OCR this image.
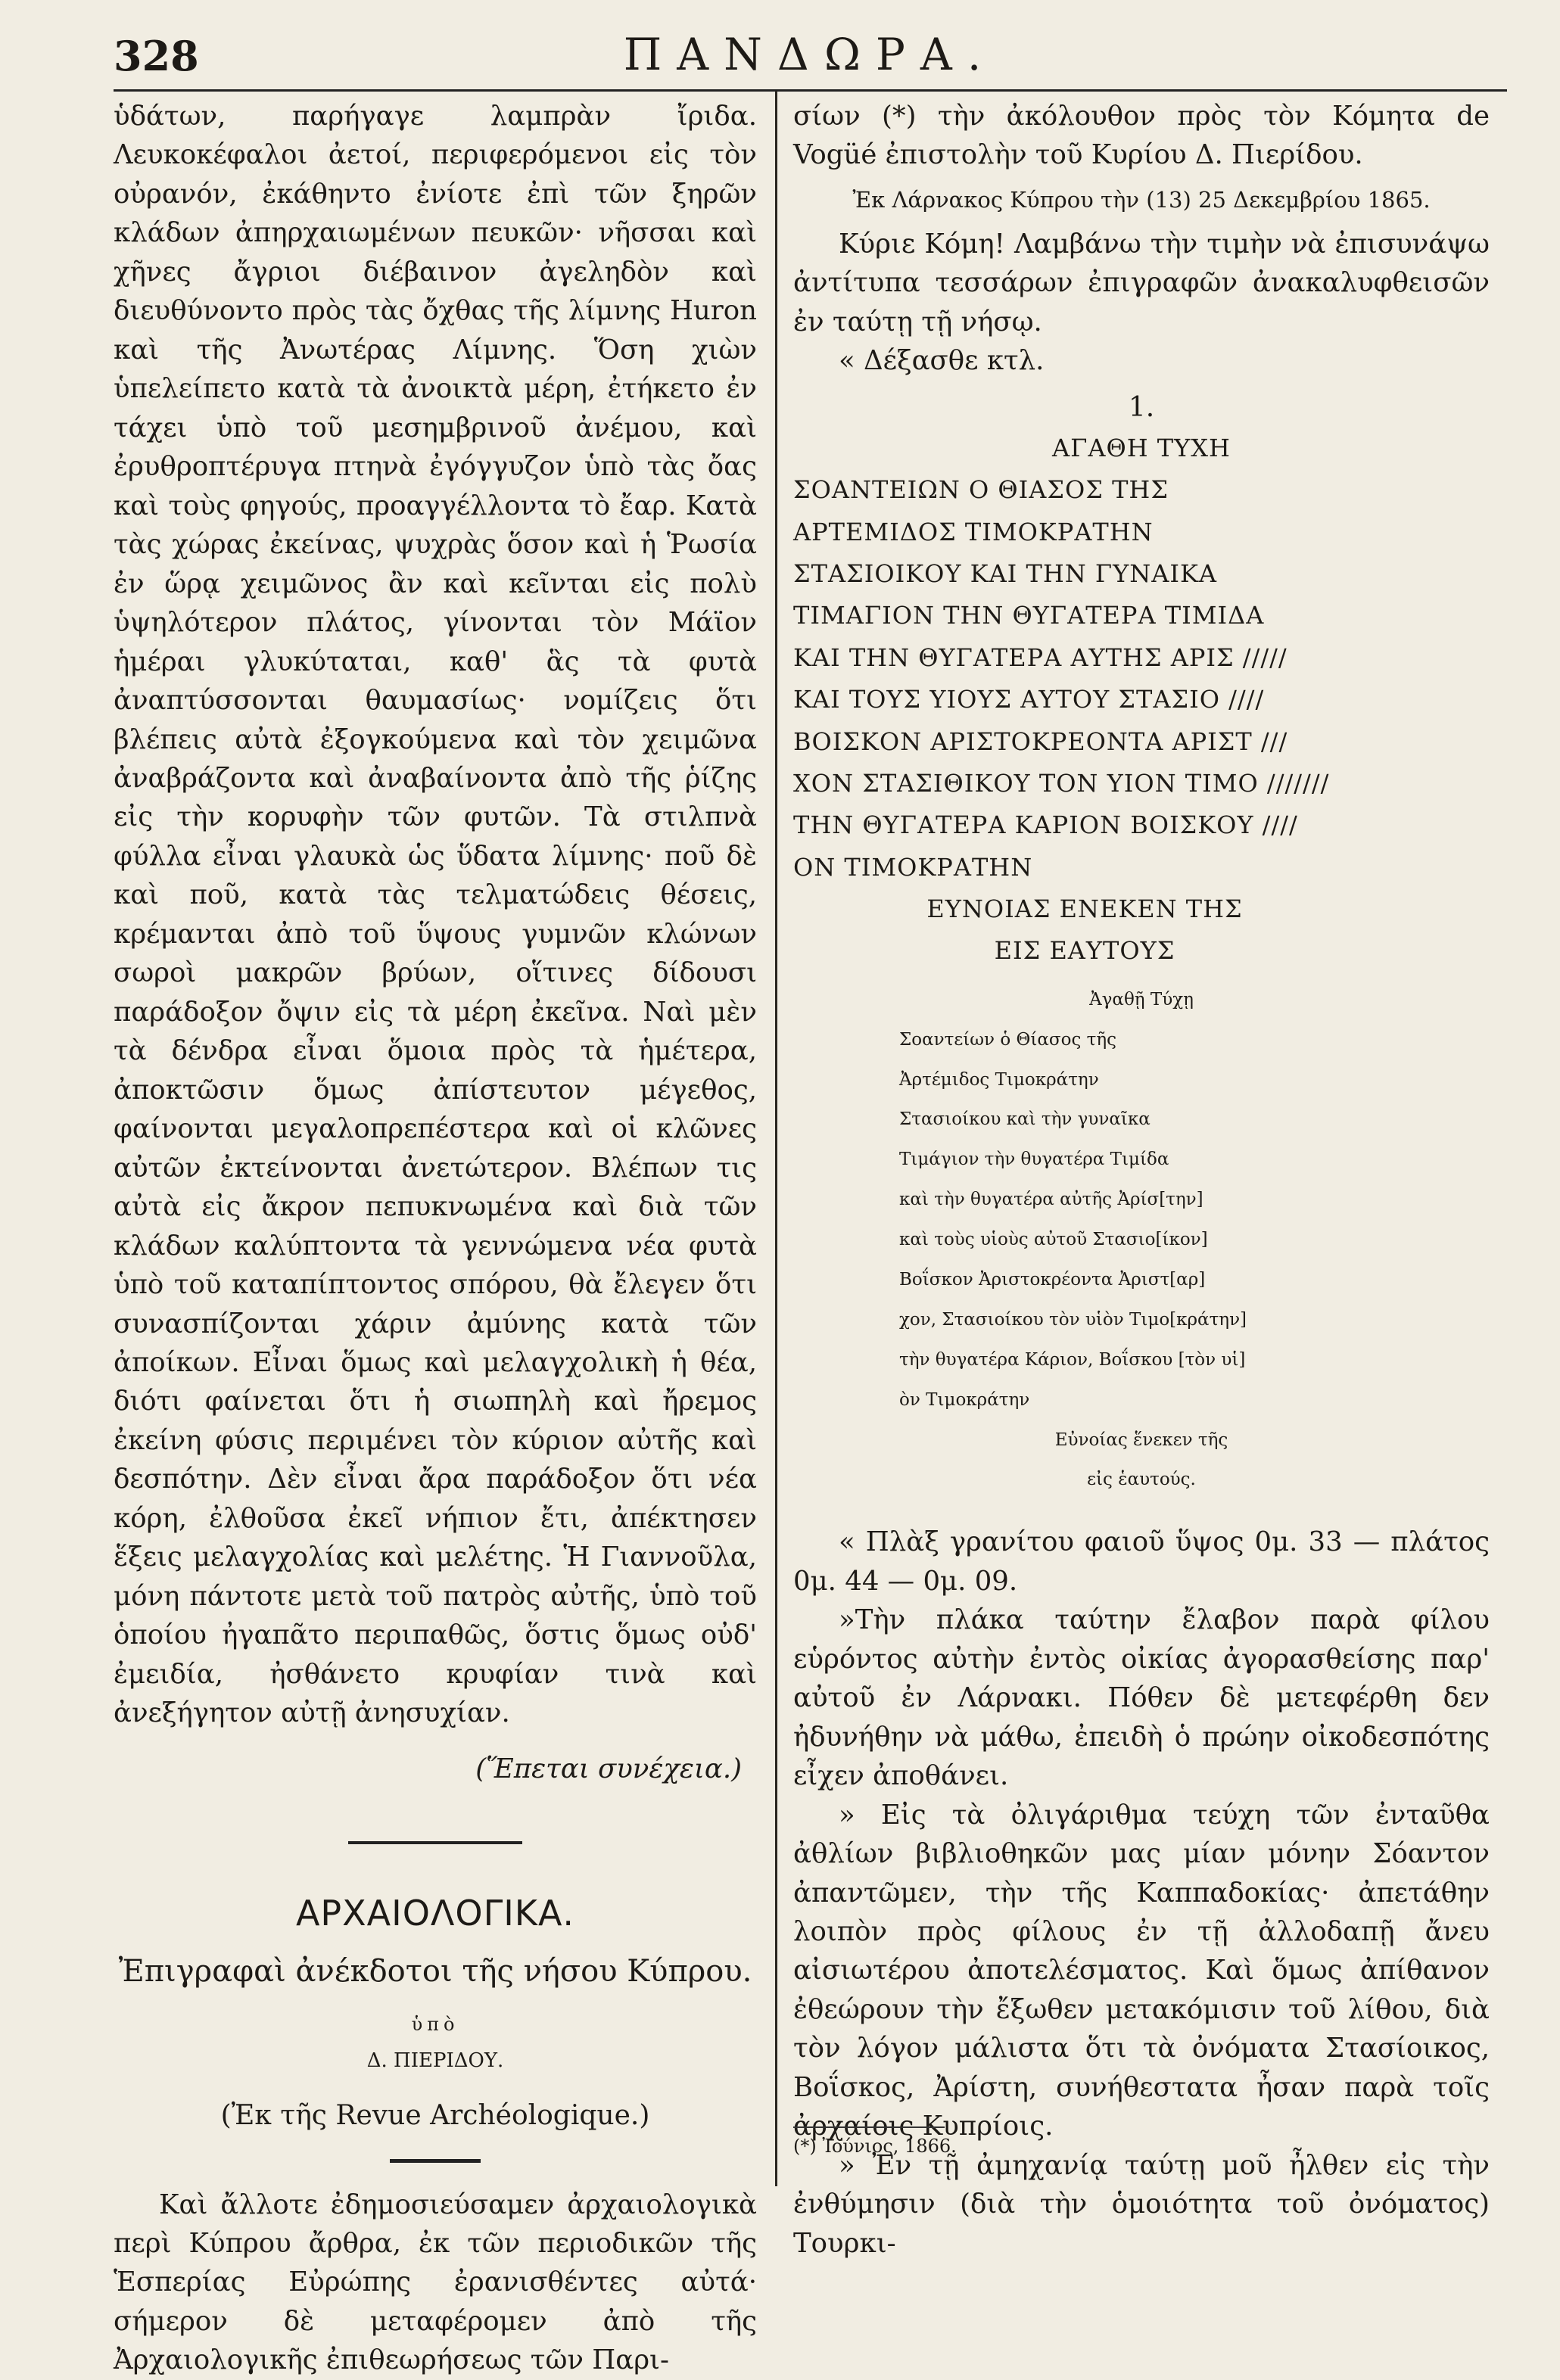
328	ΠΑΝΔΩΡΑ.

ὑδάτων, παρήγαγε λαμπρὰν ἴριδα. Λευκοκέφαλοι ἀετοί, περιφερόμενοι εἰς τὸν οὐρανόν, ἐκάθηντο ἐνίοτε ἐπὶ τῶν ξηρῶν κλάδων ἀπηρχαιωμένων πευκῶν· νῆσσαι καὶ χῆνες ἄγριοι διέβαινον ἀγεληδὸν καὶ διευθύνοντο πρὸς τὰς ὄχθας τῆς λίμνης Huron καὶ τῆς Ἀνωτέρας Λίμνης. Ὅση χιὼν ὑπελείπετο κατὰ τὰ ἀνοικτὰ μέρη, ἐτήκετο ἐν τάχει ὑπὸ τοῦ μεσημβρινοῦ ἀνέμου, καὶ ἐρυθροπτέρυγα πτηνὰ ἐγόγγυζον ὑπὸ τὰς ὄας καὶ τοὺς φηγούς, προαγγέλλοντα τὸ ἔαρ. Κατὰ τὰς χώρας ἐκείνας, ψυχρὰς ὅσον καὶ ἡ Ῥωσία ἐν ὥρᾳ χειμῶνος ἂν καὶ κεῖνται εἰς πολὺ ὑψηλότερον πλάτος, γίνονται τὸν Μάϊον ἡμέραι γλυκύταται, καθ' ἃς τὰ φυτὰ ἀναπτύσσονται θαυμασίως· νομίζεις ὅτι βλέπεις αὐτὰ ἐξογκούμενα καὶ τὸν χειμῶνα ἀναβράζοντα καὶ ἀναβαίνοντα ἀπὸ τῆς ῥίζης εἰς τὴν κορυφὴν τῶν φυτῶν. Τὰ στιλπνὰ φύλλα εἶναι γλαυκὰ ὡς ὕδατα λίμνης· ποῦ δὲ καὶ ποῦ, κατὰ τὰς τελματώδεις θέσεις, κρέμανται ἀπὸ τοῦ ὕψους γυμνῶν κλώνων σωροὶ μακρῶν βρύων, οἵτινες δίδουσι παράδοξον ὄψιν εἰς τὰ μέρη ἐκεῖνα. Ναὶ μὲν τὰ δένδρα εἶναι ὅμοια πρὸς τὰ ἡμέτερα, ἀποκτῶσιν ὅμως ἀπίστευτον μέγεθος, φαίνονται μεγαλοπρεπέστερα καὶ οἱ κλῶνες αὐτῶν ἐκτείνονται ἀνετώτερον. Βλέπων τις αὐτὰ εἰς ἄκρον πεπυκνωμένα καὶ διὰ τῶν κλάδων καλύπτοντα τὰ γεννώμενα νέα φυτὰ ὑπὸ τοῦ καταπίπτοντος σπόρου, θὰ ἔλεγεν ὅτι συνασπίζονται χάριν ἀμύνης κατὰ τῶν ἀποίκων. Εἶναι ὅμως καὶ μελαγχολικὴ ἡ θέα, διότι φαίνεται ὅτι ἡ σιωπηλὴ καὶ ἤρεμος ἐκείνη φύσις περιμένει τὸν κύριον αὐτῆς καὶ δεσπότην. Δὲν εἶναι ἄρα παράδοξον ὅτι νέα κόρη, ἐλθοῦσα ἐκεῖ νήπιον ἔτι, ἀπέκτησεν ἕξεις μελαγχολίας καὶ μελέτης. Ἡ Γιαννοῦλα, μόνη πάντοτε μετὰ τοῦ πατρὸς αὐτῆς, ὑπὸ τοῦ ὁποίου ἠγαπᾶτο περιπαθῶς, ὅστις ὅμως οὐδ' ἐμειδία, ἠσθάνετο κρυφίαν τινὰ καὶ ἀνεξήγητον αὐτῇ ἀνησυχίαν.

(Ἕπεται συνέχεια.)

ΑΡΧΑΙΟΛΟΓΙΚΑ.
Ἐπιγραφαὶ ἀνέκδοτοι τῆς νήσου Κύπρου.
ὑπὸ
Δ. ΠΙΕΡΙΔΟΥ.
(Ἐκ τῆς Revue Archéologique.)

Καὶ ἄλλοτε ἐδημοσιεύσαμεν ἀρχαιολογικὰ περὶ Κύπρου ἄρθρα, ἐκ τῶν περιοδικῶν τῆς Ἑσπερίας Εὐρώπης ἐρανισθέντες αὐτά· σήμερον δὲ μεταφέρομεν ἀπὸ τῆς Ἀρχαιολογικῆς ἐπιθεωρήσεως τῶν Παρι-

σίων (*) τὴν ἀκόλουθον πρὸς τὸν Κόμητα de Vogüé ἐπιστολὴν τοῦ Κυρίου Δ. Πιερίδου.

Ἐκ Λάρνακος Κύπρου τὴν (13) 25 Δεκεμβρίου 1865.

Κύριε Κόμη! Λαμβάνω τὴν τιμὴν νὰ ἐπισυνάψω ἀντίτυπα τεσσάρων ἐπιγραφῶν ἀνακαλυφθεισῶν ἐν ταύτῃ τῇ νήσῳ.

« Δέξασθε κτλ.

1.
ΑΓΑΘΗ ΤΥΧΗ
ΣΟΑΝΤΕΙΩΝ Ο ΘΙΑΣΟΣ ΤΗΣ
ΑΡΤΕΜΙΔΟΣ ΤΙΜΟΚΡΑΤΗΝ
ΣΤΑΣΙΟΙΚΟΥ ΚΑΙ ΤΗΝ ΓΥΝΑΙΚΑ
ΤΙΜΑΓΙΟΝ ΤΗΝ ΘΥΓΑΤΕΡΑ ΤΙΜΙΔΑ
ΚΑΙ ΤΗΝ ΘΥΓΑΤΕΡΑ ΑΥΤΗΣ ΑΡΙΣ /////
ΚΑΙ ΤΟΥΣ ΥΙΟΥΣ ΑΥΤΟΥ ΣΤΑΣΙΟ ////
ΒΟΙΣΚΟΝ ΑΡΙΣΤΟΚΡΕΟΝΤΑ ΑΡΙΣΤ ///
ΧΟΝ ΣΤΑΣΙΘΙΚΟΥ ΤΟΝ ΥΙΟΝ ΤΙΜΟ ///////
ΤΗΝ ΘΥΓΑΤΕΡΑ ΚΑΡΙΟΝ ΒΟΙΣΚΟΥ ////
ΟΝ ΤΙΜΟΚΡΑΤΗΝ
ΕΥΝΟΙΑΣ ΕΝΕΚΕΝ ΤΗΣ
ΕΙΣ ΕΑΥΤΟΥΣ
Ἀγαθῇ Τύχῃ
Σοαντείων ὁ Θίασος τῆς
Ἀρτέμιδος Τιμοκράτην
Στασιοίκου καὶ τὴν γυναῖκα
Τιμάγιον τὴν θυγατέρα Τιμίδα
καὶ τὴν θυγατέρα αὐτῆς Ἀρίσ[την]
καὶ τοὺς υἱοὺς αὐτοῦ Στασιο[ίκον]
Βοΐσκον Ἀριστοκρέοντα Ἀριστ[αρ]
χον, Στασιοίκου τὸν υἱὸν Τιμο[κράτην]
τὴν θυγατέρα Κάριον, Βοΐσκου [τὸν υἱ]
ὸν Τιμοκράτην
Εὐνοίας ἕνεκεν τῆς
εἰς ἑαυτούς.

« Πλὰξ γρανίτου φαιοῦ ὕψος 0μ. 33 — πλάτος 0μ. 44 — 0μ. 09.

»Τὴν πλάκα ταύτην ἔλαβον παρὰ φίλου εὑρόντος αὐτὴν ἐντὸς οἰκίας ἀγορασθείσης παρ' αὐτοῦ ἐν Λάρνακι. Πόθεν δὲ μετεφέρθη δεν ἠδυνήθην νὰ μάθω, ἐπειδὴ ὁ πρώην οἰκοδεσπότης εἶχεν ἀποθάνει.

» Εἰς τὰ ὀλιγάριθμα τεύχη τῶν ἐνταῦθα ἀθλίων βιβλιοθηκῶν μας μίαν μόνην Σόαντον ἀπαντῶμεν, τὴν τῆς Καππαδοκίας· ἀπετάθην λοιπὸν πρὸς φίλους ἐν τῇ ἀλλοδαπῇ ἄνευ αἰσιωτέρου ἀποτελέσματος. Καὶ ὅμως ἀπίθανον ἐθεώρουν τὴν ἔξωθεν μετακόμισιν τοῦ λίθου, διὰ τὸν λόγον μάλιστα ὅτι τὰ ὀνόματα Στασίοικος, Βοΐσκος, Ἀρίστη, συνήθεστατα ἦσαν παρὰ τοῖς ἀρχαίοις Κυπρίοις.

» Ἐν τῇ ἀμηχανίᾳ ταύτῃ μοῦ ἦλθεν εἰς τὴν ἐνθύμησιν (διὰ τὴν ὁμοιότητα τοῦ ὀνόματος) Τουρκι-

(*) Ἰούνιος, 1866.
